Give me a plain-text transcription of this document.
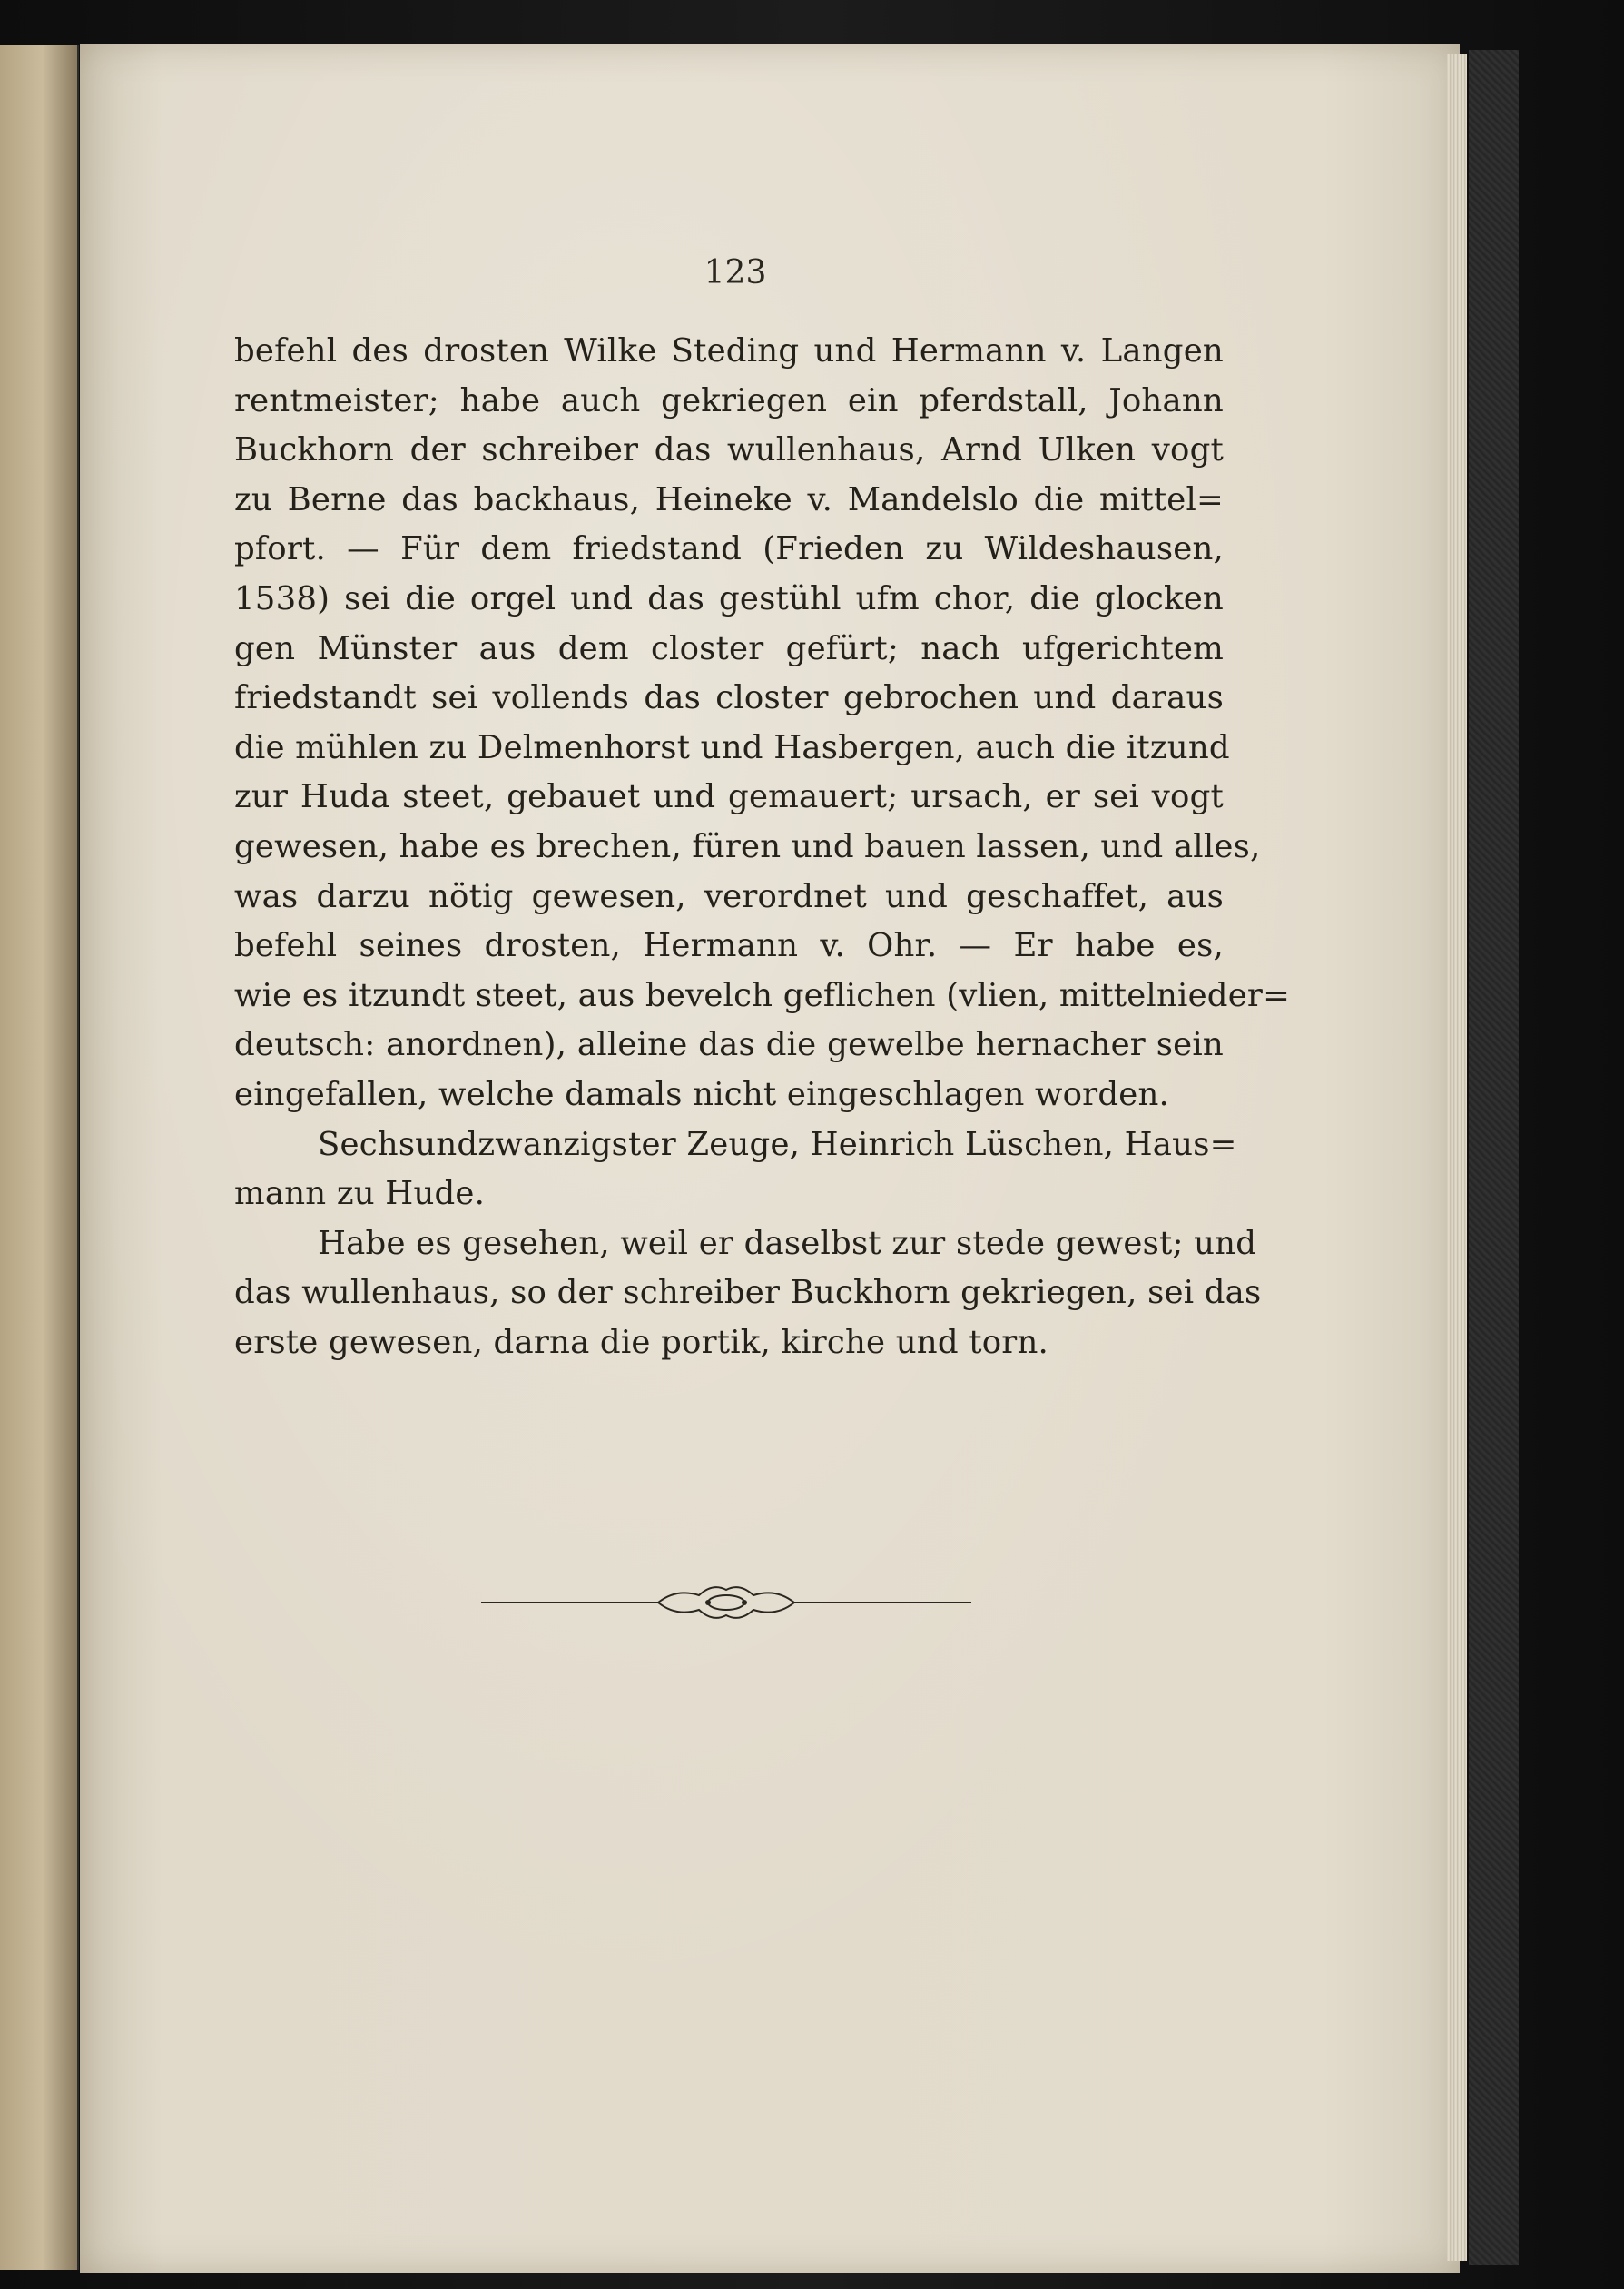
123
befehl des drosten Wilke Steding und Hermann v. Langen
rentmeister; habe auch gekriegen ein pferdstall, Johann
Buckhorn der schreiber das wullenhaus, Arnd Ulken vogt
zu Berne das backhaus, Heineke v. Mandelslo die mittel=
pfort. — Für dem friedstand (Frieden zu Wildeshausen,
1538) sei die orgel und das gestühl ufm chor, die glocken
gen Münster aus dem closter gefürt; nach ufgerichtem
friedstandt sei vollends das closter gebrochen und daraus
die mühlen zu Delmenhorst und Hasbergen, auch die itzund
zur Huda steet, gebauet und gemauert; ursach, er sei vogt
gewesen, habe es brechen, füren und bauen lassen, und alles,
was darzu nötig gewesen, verordnet und geschaffet, aus
befehl seines drosten, Hermann v. Ohr. — Er habe es,
wie es itzundt steet, aus bevelch geflichen (vlien, mittelnieder=
deutsch: anordnen), alleine das die gewelbe hernacher sein
eingefallen, welche damals nicht eingeschlagen worden.
Sechsundzwanzigster Zeuge, Heinrich Lüschen, Haus=
mann zu Hude.
Habe es gesehen, weil er daselbst zur stede gewest; und
das wullenhaus, so der schreiber Buckhorn gekriegen, sei das
erste gewesen, darna die portik, kirche und torn.
